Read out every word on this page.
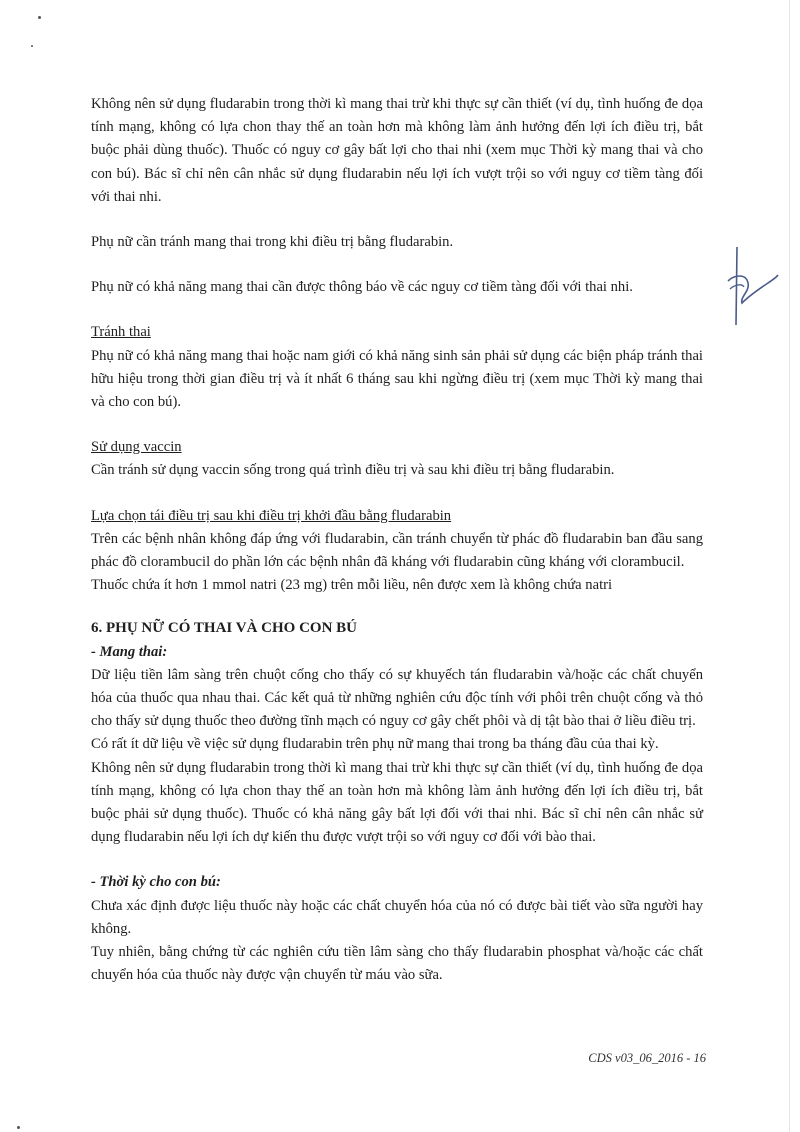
Không nên sử dụng fludarabin trong thời kì mang thai trừ khi thực sự cần thiết (ví dụ, tình huống đe dọa tính mạng, không có lựa chon thay thế an toàn hơn mà không làm ảnh hưởng đến lợi ích điều trị, bắt buộc phải dùng thuốc). Thuốc có nguy cơ gây bất lợi cho thai nhi (xem mục Thời kỳ mang thai và cho con bú). Bác sĩ chỉ nên cân nhắc sử dụng fludarabin nếu lợi ích vượt trội so với nguy cơ tiềm tàng đối với thai nhi.

Phụ nữ cần tránh mang thai trong khi điều trị bằng fludarabin.

Phụ nữ có khả năng mang thai cần được thông báo về các nguy cơ tiềm tàng đối với thai nhi.

Tránh thai

Phụ nữ có khả năng mang thai hoặc nam giới có khả năng sinh sản phải sử dụng các biện pháp tránh thai hữu hiệu trong thời gian điều trị và ít nhất 6 tháng sau khi ngừng điều trị (xem mục Thời kỳ mang thai và cho con bú).

Sử dụng vaccin

Cần tránh sử dụng vaccin sống trong quá trình điều trị và sau khi điều trị bằng fludarabin.

Lựa chọn tái điều trị sau khi điều trị khởi đầu bằng fludarabin

Trên các bệnh nhân không đáp ứng với fludarabin, cần tránh chuyển từ phác đồ fludarabin ban đầu sang phác đồ clorambucil do phần lớn các bệnh nhân đã kháng với fludarabin cũng kháng với clorambucil.

Thuốc chứa ít hơn 1 mmol natri (23 mg) trên mỗi liều, nên được xem là không chứa natri

6. PHỤ NỮ CÓ THAI VÀ CHO CON BÚ

- Mang thai:

Dữ liệu tiền lâm sàng trên chuột cống cho thấy có sự khuyếch tán fludarabin và/hoặc các chất chuyển hóa của thuốc qua nhau thai. Các kết quả từ những nghiên cứu độc tính với phôi trên chuột cống và thỏ cho thấy sử dụng thuốc theo đường tĩnh mạch có nguy cơ gây chết phôi và dị tật bào thai ở liều điều trị.

Có rất ít dữ liệu về việc sử dụng fludarabin trên phụ nữ mang thai trong ba tháng đầu của thai kỳ.

Không nên sử dụng fludarabin trong thời kì mang thai trừ khi thực sự cần thiết (ví dụ, tình huống đe dọa tính mạng, không có lựa chon thay thế an toàn hơn mà không làm ảnh hưởng đến lợi ích điều trị, bắt buộc phải sử dụng thuốc). Thuốc có khả năng gây bất lợi đối với thai nhi. Bác sĩ chỉ nên cân nhắc sử dụng fludarabin nếu lợi ích dự kiến thu được vượt trội so với nguy cơ đối với bào thai.

- Thời kỳ cho con bú:

Chưa xác định được liệu thuốc này hoặc các chất chuyển hóa của nó có được bài tiết vào sữa người hay không.

Tuy nhiên, bằng chứng từ các nghiên cứu tiền lâm sàng cho thấy fludarabin phosphat và/hoặc các chất chuyển hóa của thuốc này được vận chuyển từ máu vào sữa.

CDS v03_06_2016 - 16
